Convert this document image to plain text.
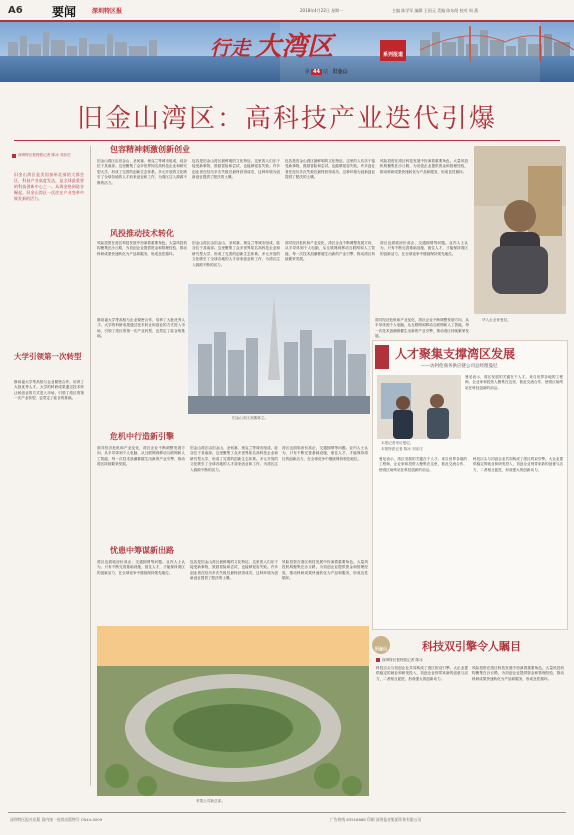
A6 要闻	深圳特区报	2018年4月22日 星期一	主编 陈学军 编辑 王国元 美编 陈东阳 校对 周 燕
行走 大湾区	系列报道
第 44 站 旧金山
旧金山湾区：高科技产业迭代引爆
深圳特区报特派记者 陈冰 刘乐庄
旧金山湾区是美国加州北部的大都会区，科技产业高度发达，是全球最重要的科技创新中心之一。从淘金热到硅谷崛起，旧金山湾区一次次在产业变革中焕发新的活力。
大学引领第一次转型
斯坦福大学等高校与企业紧密合作，培养了大批优秀人才。大学的科研成果通过技术转让和创业的方式进入市场，引领了湾区的第一次产业转型，也奠定了硅谷的基础。
包容精神刺激创新创业
旧金山湾区由旧金山、圣何塞、奥克兰等城市组成，硅谷位于其南部。这里聚集了众多世界知名高科技企业和研究型大学，形成了完善的创新生态体系。多元开放的文化吸引了全球各地的人才前来创业和工作，为湾区注入源源不断的活力。
包容是旧金山湾区最鲜明的文化特征。这里的人们乐于接受新事物，鼓励冒险和尝试，也能够宽容失败。许多创业者在经历多次失败后最终获得成功，这种环境为创新创业提供了肥沃的土壤。
包容是旧金山湾区最鲜明的文化特征。这里的人们乐于接受新事物，鼓励冒险和尝试，也能够宽容失败。许多创业者在经历多次失败后最终获得成功，这种环境为创新创业提供了肥沃的土壤。
风险投资在湾区科技发展中扮演着重要角色。大量风投机构聚集在沙丘路，为初创企业提供资金和管理经验，推动科研成果快速转化为产品和服务，形成良性循环。
风投推动技术转化
风险投资在湾区科技发展中扮演着重要角色。大量风投机构聚集在沙丘路，为初创企业提供资金和管理经验，推动科研成果快速转化为产品和服务，形成良性循环。
旧金山湾区由旧金山、圣何塞、奥克兰等城市组成，硅谷位于其南部。这里聚集了众多世界知名高科技企业和研究型大学，形成了完善的创新生态体系。多元开放的文化吸引了全球各地的人才前来创业和工作，为湾区注入源源不断的活力。
面对经济危机和产业变化，湾区企业不断调整发展方向，从半导体到个人电脑，从互联网到移动互联网和人工智能，每一次技术浪潮都催生出新的产业引擎，推动湾区持续繁荣发展。
湾区也面临房价高企、交通拥堵等问题。业内人士认为，只有不断完善基础设施，留住人才，才能保持湾区的创新活力，在全球竞争中继续保持领先地位。
华人企业家曼尼。
旧金山市区高楼林立。
斯坦福大学等高校与企业紧密合作，培养了大批优秀人才。大学的科研成果通过技术转让和创业的方式进入市场，引领了湾区的第一次产业转型，也奠定了硅谷的基础。
面对经济危机和产业变化，湾区企业不断调整发展方向，从半导体到个人电脑，从互联网到移动互联网和人工智能，每一次技术浪潮都催生出新的产业引擎，推动湾区持续繁荣发展。
人才聚集支撑湾区发展
——访阿伦商务供应链公司总经理曼尼
本报记者采访曼尼。
本报特派记者 陈冰 刘乐庄
曼尼表示，湾区发展的关键在于人才。来自世界各地的工程师、企业家和投资人聚集在这里，彼此交流合作，使湾区始终站在科技创新的前沿。
曼尼表示，湾区发展的关键在于人才。来自世界各地的工程师、企业家和投资人聚集在这里，彼此交流合作，使湾区始终站在科技创新的前沿。
科技巨头与初创企业共同构成了湾区的双引擎。大企业提供稳定的就业和研发投入，初创企业则带来新的创意与活力，二者相互促进，形成强大的创新动力。
危机中行造新引擎
面对经济危机和产业变化，湾区企业不断调整发展方向，从半导体到个人电脑，从互联网到移动互联网和人工智能，每一次技术浪潮都催生出新的产业引擎，推动湾区持续繁荣发展。
旧金山湾区由旧金山、圣何塞、奥克兰等城市组成，硅谷位于其南部。这里聚集了众多世界知名高科技企业和研究型大学，形成了完善的创新生态体系。多元开放的文化吸引了全球各地的人才前来创业和工作，为湾区注入源源不断的活力。
湾区也面临房价高企、交通拥堵等问题。业内人士认为，只有不断完善基础设施，留住人才，才能保持湾区的创新活力，在全球竞争中继续保持领先地位。
忧患中筹谋新出路
湾区也面临房价高企、交通拥堵等问题。业内人士认为，只有不断完善基础设施，留住人才，才能保持湾区的创新活力，在全球竞争中继续保持领先地位。
包容是旧金山湾区最鲜明的文化特征。这里的人们乐于接受新事物，鼓励冒险和尝试，也能够宽容失败。许多创业者在经历多次失败后最终获得成功，这种环境为创新创业提供了肥沃的土壤。
风险投资在湾区科技发展中扮演着重要角色。大量风投机构聚集在沙丘路，为初创企业提供资金和管理经验，推动科研成果快速转化为产品和服务，形成良性循环。
苹果公司新总部。
旧金山	科技双引擎令人瞩目
深圳特区报特派记者 陈冰
科技巨头与初创企业共同构成了湾区的双引擎。大企业提供稳定的就业和研发投入，初创企业则带来新的创意与活力，二者相互促进，形成强大的创新动力。
风险投资在湾区科技发展中扮演着重要角色。大量风投机构聚集在沙丘路，为初创企业提供资金和管理经验，推动科研成果快速转化为产品和服务，形成良性循环。
深圳特区报社出版 国内统一连续出版物号 CN44-0009	广告热线 83518888 印刷 深圳报业集团印务有限公司
